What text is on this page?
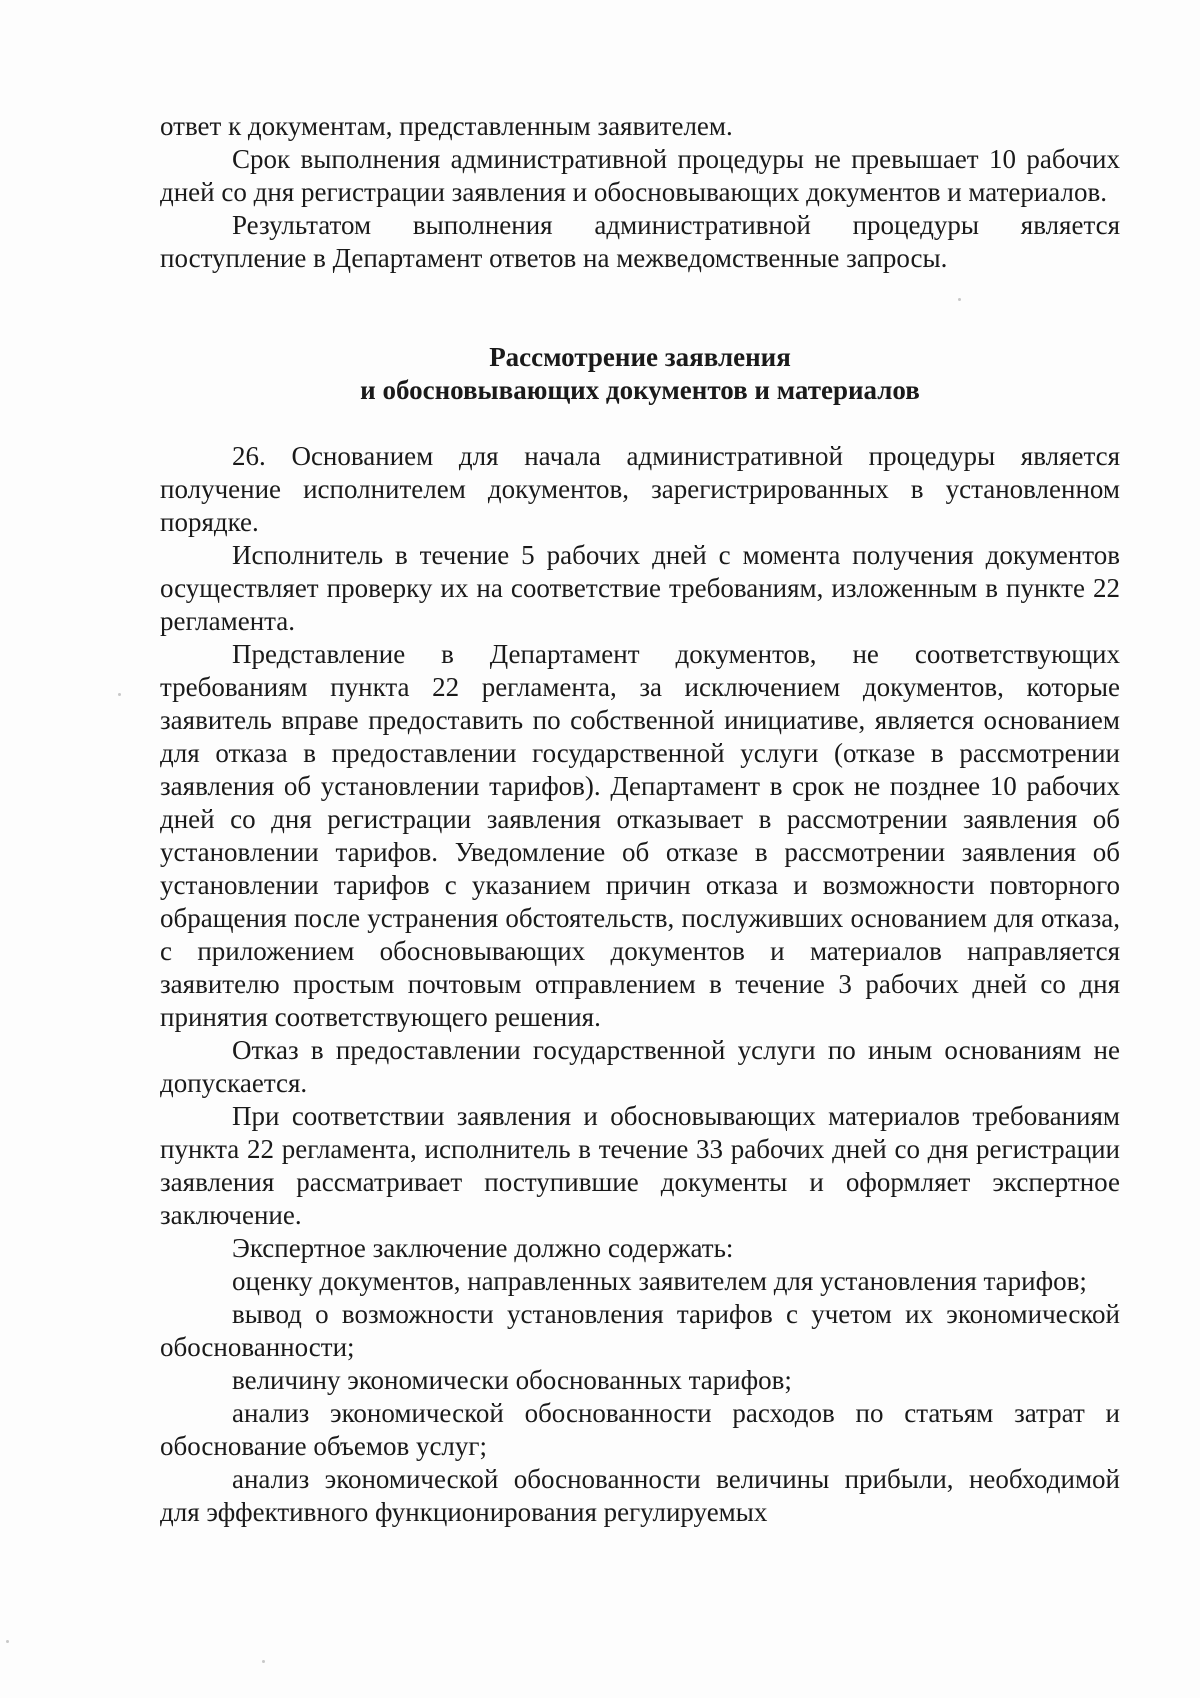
ответ к документам, представленным заявителем.

Срок выполнения административной процедуры не превышает 10 рабочих дней со дня регистрации заявления и обосновывающих документов и материалов.

Результатом выполнения административной процедуры является поступление в Департамент ответов на межведомственные запросы.

Рассмотрение заявления
и обосновывающих документов и материалов

26. Основанием для начала административной процедуры является получение исполнителем документов, зарегистрированных в установленном порядке.

Исполнитель в течение 5 рабочих дней с момента получения документов осуществляет проверку их на соответствие требованиям, изложенным в пункте 22 регламента.

Представление в Департамент документов, не соответствующих требованиям пункта 22 регламента, за исключением документов, которые заявитель вправе предоставить по собственной инициативе, является основанием для отказа в предоставлении государственной услуги (отказе в рассмотрении заявления об установлении тарифов). Департамент в срок не позднее 10 рабочих дней со дня регистрации заявления отказывает в рассмотрении заявления об установлении тарифов. Уведомление об отказе в рассмотрении заявления об установлении тарифов с указанием причин отказа и возможности повторного обращения после устранения обстоятельств, послуживших основанием для отказа, с приложением обосновывающих документов и материалов направляется заявителю простым почтовым отправлением в течение 3 рабочих дней со дня принятия соответствующего решения.

Отказ в предоставлении государственной услуги по иным основаниям не допускается.

При соответствии заявления и обосновывающих материалов требованиям пункта 22 регламента, исполнитель в течение 33 рабочих дней со дня регистрации заявления рассматривает поступившие документы и оформляет экспертное заключение.

Экспертное заключение должно содержать:

оценку документов, направленных заявителем для установления тарифов;

вывод о возможности установления тарифов с учетом их экономической обоснованности;

величину экономически обоснованных тарифов;

анализ экономической обоснованности расходов по статьям затрат и обоснование объемов услуг;

анализ экономической обоснованности величины прибыли, необходимой для эффективного функционирования регулируемых
